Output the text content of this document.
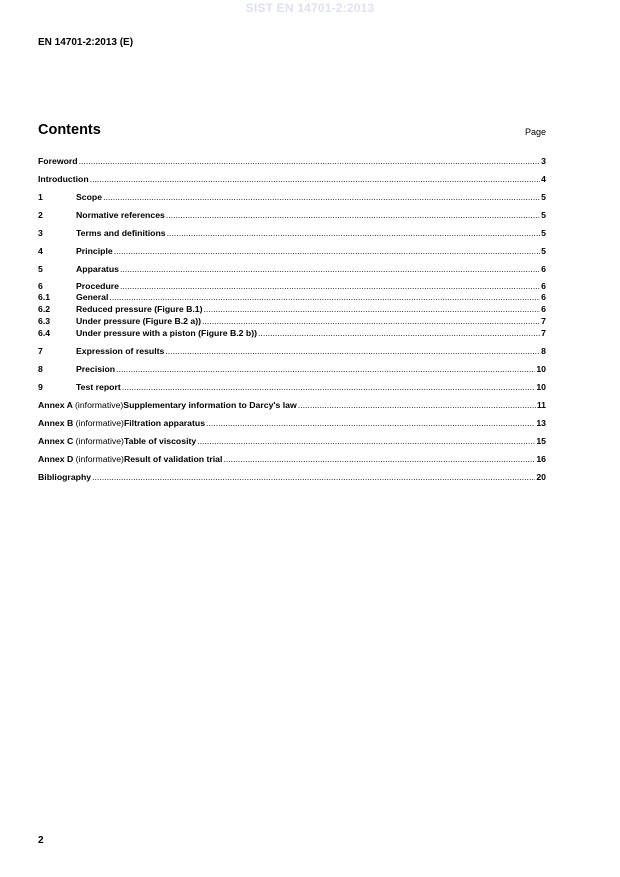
SIST EN 14701-2:2013
EN 14701-2:2013 (E)
Contents	Page
Foreword .....	3
Introduction .....	4
1	Scope .....	5
2	Normative references .....	5
3	Terms and definitions .....	5
4	Principle .....	5
5	Apparatus .....	6
6	Procedure .....	6
6.1	General .....	6
6.2	Reduced pressure (Figure B.1) .....	6
6.3	Under pressure (Figure B.2 a)) .....	7
6.4	Under pressure with a piston (Figure B.2 b)) .....	7
7	Expression of results .....	8
8	Precision .....	10
9	Test report .....	10
Annex A (informative) Supplementary information to Darcy's law .....	11
Annex B (informative) Filtration apparatus .....	13
Annex C (informative) Table of viscosity .....	15
Annex D (informative) Result of validation trial .....	16
Bibliography .....	20
2
